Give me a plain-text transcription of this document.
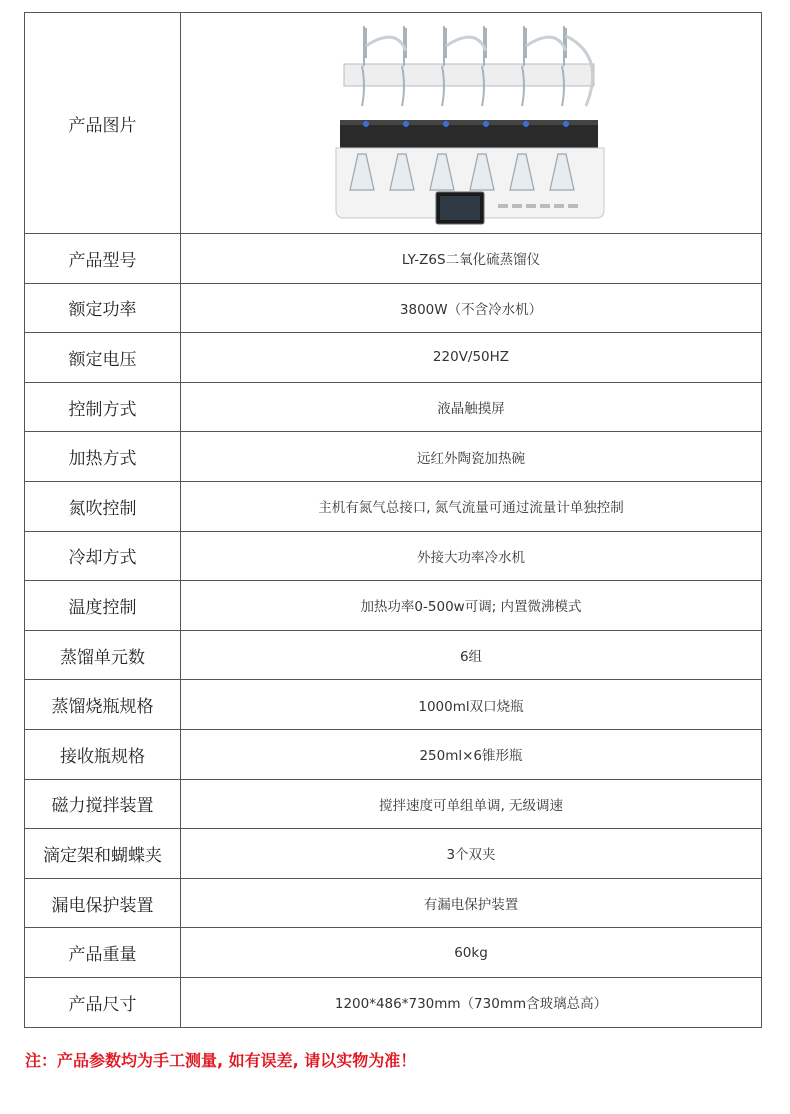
产品图片	

产品型号	LY-Z6S二氧化硫蒸馏仪
额定功率	3800W（不含冷水机）
额定电压	220V/50HZ
控制方式	液晶触摸屏
加热方式	远红外陶瓷加热碗
氮吹控制	主机有氮气总接口, 氮气流量可通过流量计单独控制
冷却方式	外接大功率冷水机
温度控制	加热功率0-500w可调; 内置微沸模式
蒸馏单元数	6组
蒸馏烧瓶规格	1000ml双口烧瓶
接收瓶规格	250ml×6锥形瓶
磁力搅拌装置	搅拌速度可单组单调, 无级调速
滴定架和蝴蝶夹	3个双夹
漏电保护装置	有漏电保护装置
产品重量	60kg
产品尺寸	1200*486*730mm（730mm含玻璃总高）
注：产品参数均为手工测量, 如有误差, 请以实物为准！
